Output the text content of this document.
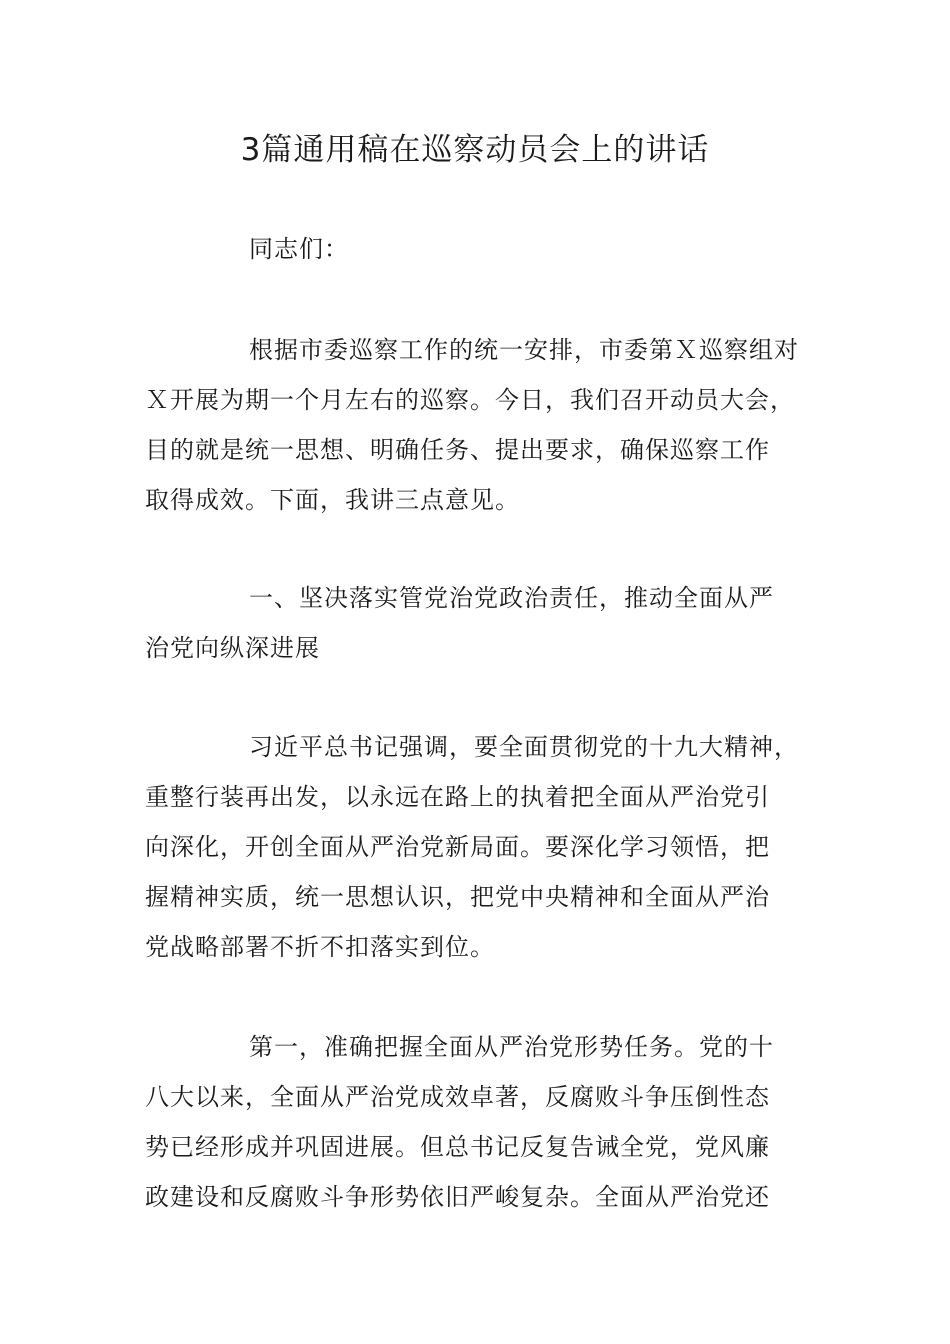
3篇通用稿在巡察动员会上的讲话

同志们：

根据市委巡察工作的统一安排，市委第Ｘ巡察组对
Ｘ开展为期一个月左右的巡察。今日，我们召开动员大会，
目的就是统一思想、明确任务、提出要求，确保巡察工作
取得成效。下面，我讲三点意见。

一、坚决落实管党治党政治责任，推动全面从严
治党向纵深进展

习近平总书记强调，要全面贯彻党的十九大精神，
重整行装再出发，以永远在路上的执着把全面从严治党引
向深化，开创全面从严治党新局面。要深化学习领悟，把
握精神实质，统一思想认识，把党中央精神和全面从严治
党战略部署不折不扣落实到位。

第一，准确把握全面从严治党形势任务。党的十
八大以来，全面从严治党成效卓著，反腐败斗争压倒性态
势已经形成并巩固进展。但总书记反复告诫全党，党风廉
政建设和反腐败斗争形势依旧严峻复杂。全面从严治党还
